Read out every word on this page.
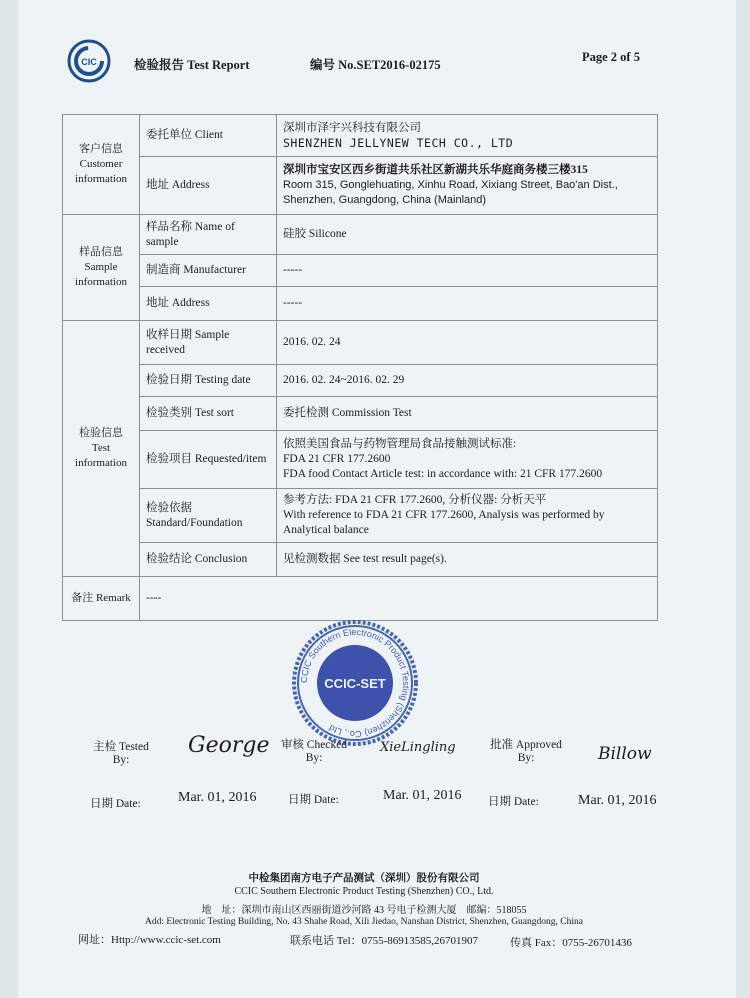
CIC	检验报告 Test Report	编号 No.SET2016-02175
Page 2 of 5
客户信息 Customer information	委托单位 Client	深圳市泽宇兴科技有限公司
SHENZHEN JELLYNEW TECH CO., LTD

	地址 Address	深圳市宝安区西乡街道共乐社区新湖共乐华庭商务楼三楼315
Room 315, Gonglehuating, Xinhu Road, Xixiang Street, Bao'an Dist., Shenzhen, Guangdong, China (Mainland)

样品信息 Sample information	样品名称 Name of sample	硅胶 Silicone
	制造商 Manufacturer	-----
	地址 Address	-----
检验信息 Test information	收样日期 Sample received	2016. 02. 24
	检验日期 Testing date	2016. 02. 24~2016. 02. 29
	检验类别 Test sort	委托检测 Commission Test
	检验项目 Requested/item	依照美国食品与药物管理局食品接触测试标准:
FDA 21 CFR 177.2600
FDA food Contact Article test: in accordance with: 21 CFR 177.2600

	检验依据 Standard/Foundation	参考方法: FDA 21 CFR 177.2600, 分析仪器: 分析天平
With reference to FDA 21 CFR 177.2600, Analysis was performed by Analytical balance

	检验结论 Conclusion	见检测数据 See test result page(s).
备注 Remark	----	
CCIC Southern Electronic Product Testing (Shenzhen) Co., Ltd
CCIC-SET
主检 Tested By:
George 审核 Checked By:
XieLingling	批准 Approved By:	Billow
日期 Date:	Mar. 01, 2016	日期 Date:	Mar. 01, 2016 日期 Date:	Mar. 01, 2016
中检集团南方电子产品测试（深圳）股份有限公司
CCIC Southern Electronic Product Testing (Shenzhen) CO., Ltd.
地　址：深圳市南山区西丽街道沙河路 43 号电子检测大厦　邮编：518055
Add: Electronic Testing Building, No. 43 Shahe Road, Xili Jiedao, Nanshan District, Shenzhen, Guangdong, China
网址：Http://www.ccic-set.com	联系电话 Tel：0755-86913585,26701907	传真 Fax：0755-26701436
